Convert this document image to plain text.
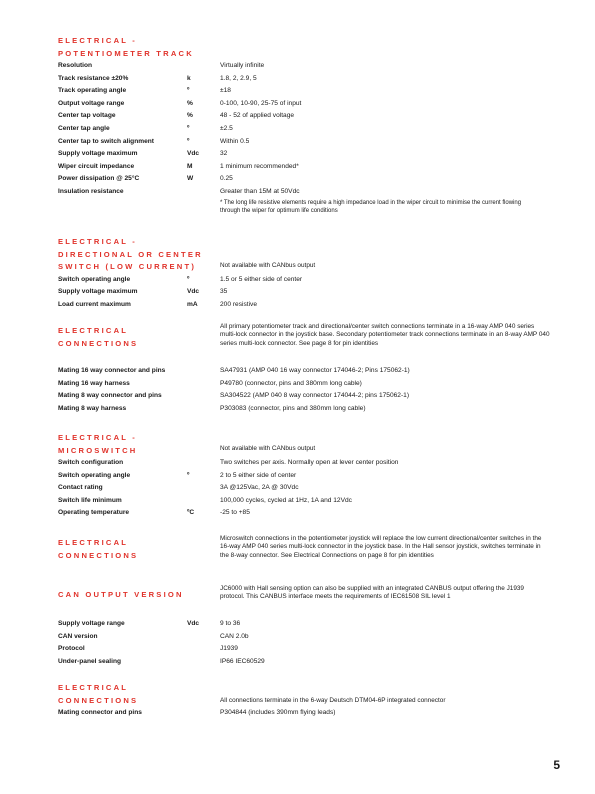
ELECTRICAL -
POTENTIOMETER TRACK
Resolution	Virtually infinite
Track resistance ±20%	k	1.8, 2, 2.9, 5
Track operating angle	º	±18
Output voltage range	%	0-100, 10-90, 25-75 of input
Center tap voltage	%	48 - 52 of applied voltage
Center tap angle	º	±2.5
Center tap to switch alignment	º	Within 0.5
Supply voltage maximum	Vdc	32
Wiper circuit impedance	M	1 minimum recommended*
Power dissipation @ 25°C	W	0.25
Insulation resistance	Greater than 15M at 50Vdc
* The long life resistive elements require a high impedance load in the wiper circuit to minimise the current flowing through the wiper for optimum life conditions
ELECTRICAL -
DIRECTIONAL OR CENTER
SWITCH (LOW CURRENT)	Not available with CANbus output
Switch operating angle	º	1.5 or 5 either side of center
Supply voltage maximum	Vdc	35
Load current maximum	mA	200 resistive
ELECTRICAL
CONNECTIONS
All primary potentiometer track and directional/center switch connections terminate in a 16-way AMP 040 series multi-lock connector in the joystick base. Secondary potentiometer track connections terminate in an 8-way AMP 040 series multi-lock connector. See page 8 for pin identities
Mating 16 way connector and pins	SA47931 (AMP 040 16 way connector 174046-2; Pins 175062-1)
Mating 16 way harness	P49780 (connector, pins and 380mm long cable)
Mating 8 way connector and pins	SA304522 (AMP 040 8 way connector 174044-2; pins 175062-1)
Mating 8 way harness	P303083 (connector, pins and 380mm long cable)
ELECTRICAL -
MICROSWITCH	Not available with CANbus output
Switch configuration	Two switches per axis. Normally open at lever center position
Switch operating angle	º	2 to 5 either side of center
Contact rating	3A @125Vac, 2A @ 30Vdc
Switch life minimum	100,000 cycles, cycled at 1Hz, 1A and 12Vdc
Operating temperature	ºC	-25 to +85
ELECTRICAL
CONNECTIONS
Microswitch connections in the potentiometer joystick will replace the low current directional/center switches in the 16-way AMP 040 series multi-lock connector in the joystick base. In the Hall sensor joystick, switches terminate in the 8-way connector. See Electrical Connections on page 8 for pin identities
CAN OUTPUT VERSION
JC6000 with Hall sensing option can also be supplied with an integrated CANBUS output offering the J1939 protocol. This CANBUS interface meets the requirements of IEC61508 SIL level 1
Supply voltage range	Vdc	9 to 36
CAN version	CAN 2.0b
Protocol	J1939
Under-panel sealing	IP66 IEC60529
ELECTRICAL
CONNECTIONS	All connections terminate in the 6-way Deutsch DTM04-6P integrated connector
Mating connector and pins	P304844 (includes 390mm flying leads)
5
